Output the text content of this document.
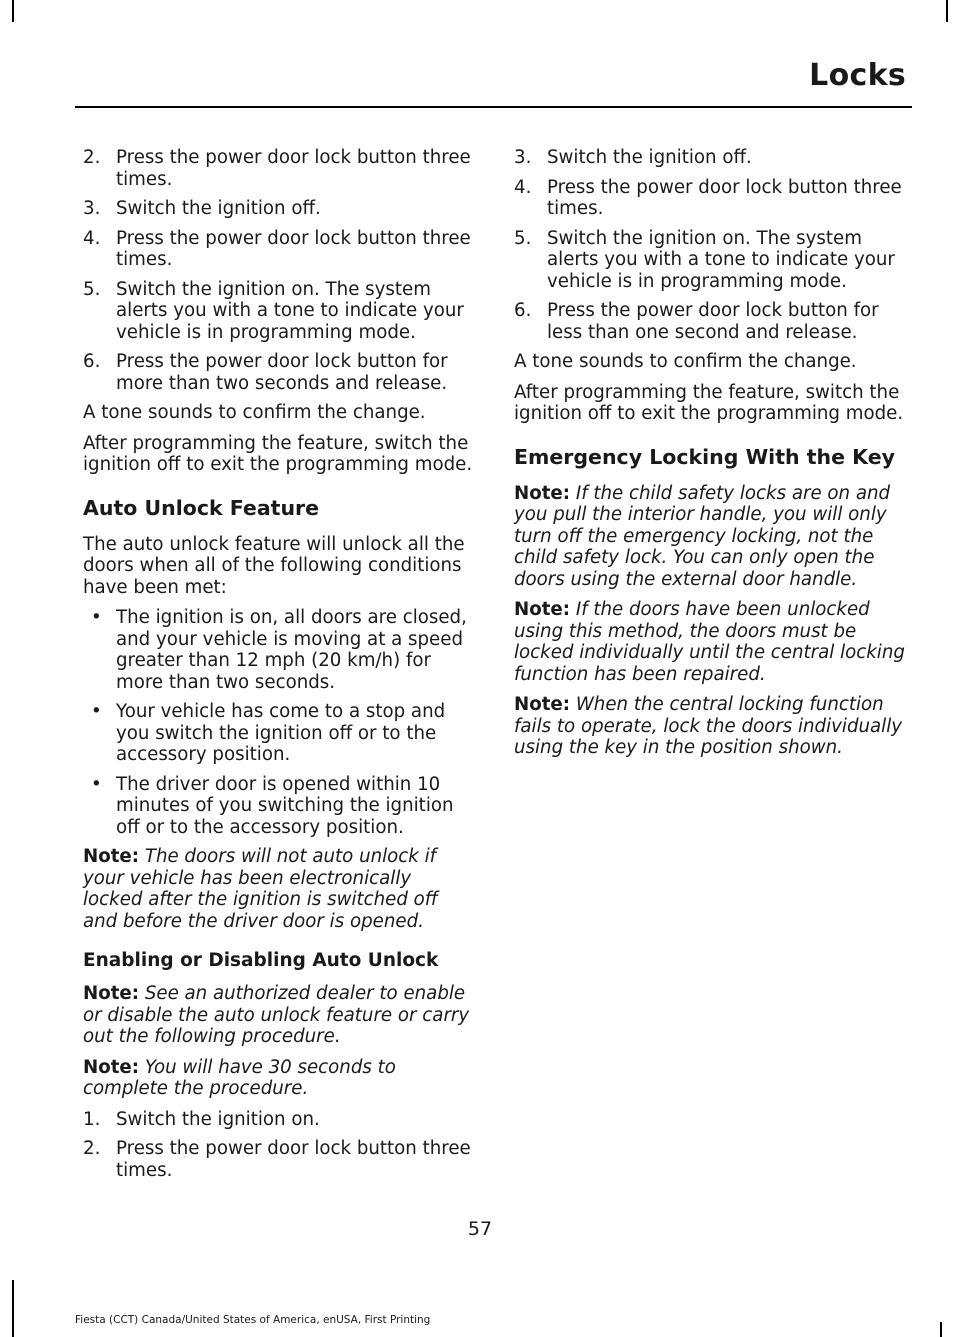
Locks
2. Press the power door lock button three times.
3. Switch the ignition off.
4. Press the power door lock button three times.
5. Switch the ignition on. The system alerts you with a tone to indicate your vehicle is in programming mode.
6. Press the power door lock button for more than two seconds and release.

A tone sounds to confirm the change.

After programming the feature, switch the ignition off to exit the programming mode.

Auto Unlock Feature

The auto unlock feature will unlock all the doors when all of the following conditions have been met:

• The ignition is on, all doors are closed, and your vehicle is moving at a speed greater than 12 mph (20 km/h) for more than two seconds.
• Your vehicle has come to a stop and you switch the ignition off or to the accessory position.
• The driver door is opened within 10 minutes of you switching the ignition off or to the accessory position.

Note: The doors will not auto unlock if your vehicle has been electronically locked after the ignition is switched off and before the driver door is opened.

Enabling or Disabling Auto Unlock

Note: See an authorized dealer to enable or disable the auto unlock feature or carry out the following procedure.

Note: You will have 30 seconds to complete the procedure.

1. Switch the ignition on.
2. Press the power door lock button three times.
3. Switch the ignition off.
4. Press the power door lock button three times.
5. Switch the ignition on. The system alerts you with a tone to indicate your vehicle is in programming mode.
6. Press the power door lock button for less than one second and release.

A tone sounds to confirm the change.

After programming the feature, switch the ignition off to exit the programming mode.

Emergency Locking With the Key

Note: If the child safety locks are on and you pull the interior handle, you will only turn off the emergency locking, not the child safety lock. You can only open the doors using the external door handle.

Note: If the doors have been unlocked using this method, the doors must be locked individually until the central locking function has been repaired.

Note: When the central locking function fails to operate, lock the doors individually using the key in the position shown.

57
Fiesta (CCT) Canada/United States of America, enUSA, First Printing
